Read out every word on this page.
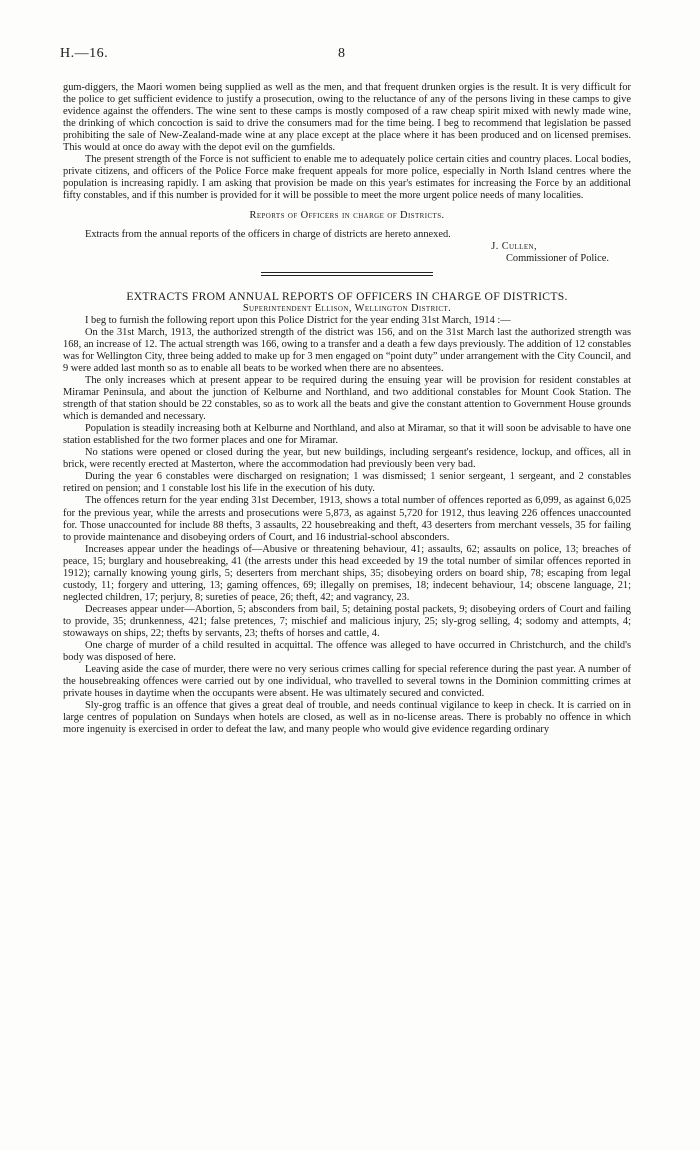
H.—16.	8

gum-diggers, the Maori women being supplied as well as the men, and that frequent drunken orgies is the result. It is very difficult for the police to get sufficient evidence to justify a prosecution, owing to the reluctance of any of the persons living in these camps to give evidence against the offenders. The wine sent to these camps is mostly composed of a raw cheap spirit mixed with newly made wine, the drinking of which concoction is said to drive the consumers mad for the time being. I beg to recommend that legislation be passed prohibiting the sale of New-Zealand-made wine at any place except at the place where it has been produced and on licensed premises. This would at once do away with the depot evil on the gumfields.

The present strength of the Force is not sufficient to enable me to adequately police certain cities and country places. Local bodies, private citizens, and officers of the Police Force make frequent appeals for more police, especially in North Island centres where the population is increasing rapidly. I am asking that provision be made on this year's estimates for increasing the Force by an additional fifty constables, and if this number is provided for it will be possible to meet the more urgent police needs of many localities.

Reports of Officers in charge of Districts.

Extracts from the annual reports of the officers in charge of districts are hereto annexed.

J. Cullen,

Commissioner of Police.

EXTRACTS FROM ANNUAL REPORTS OF OFFICERS IN CHARGE OF DISTRICTS.

Superintendent Ellison, Wellington District.

I beg to furnish the following report upon this Police District for the year ending 31st March, 1914 :—

On the 31st March, 1913, the authorized strength of the district was 156, and on the 31st March last the authorized strength was 168, an increase of 12. The actual strength was 166, owing to a transfer and a death a few days previously. The addition of 12 constables was for Wellington City, three being added to make up for 3 men engaged on “point duty” under arrangement with the City Council, and 9 were added last month so as to enable all beats to be worked when there are no absentees.

The only increases which at present appear to be required during the ensuing year will be provision for resident constables at Miramar Peninsula, and about the junction of Kelburne and Northland, and two additional constables for Mount Cook Station. The strength of that station should be 22 constables, so as to work all the beats and give the constant attention to Government House grounds which is demanded and necessary.

Population is steadily increasing both at Kelburne and Northland, and also at Miramar, so that it will soon be advisable to have one station established for the two former places and one for Miramar.

No stations were opened or closed during the year, but new buildings, including sergeant's residence, lockup, and offices, all in brick, were recently erected at Masterton, where the accommodation had previously been very bad.

During the year 6 constables were discharged on resignation; 1 was dismissed; 1 senior sergeant, 1 sergeant, and 2 constables retired on pension; and 1 constable lost his life in the execution of his duty.

The offences return for the year ending 31st December, 1913, shows a total number of offences reported as 6,099, as against 6,025 for the previous year, while the arrests and prosecutions were 5,873, as against 5,720 for 1912, thus leaving 226 offences unaccounted for. Those unaccounted for include 88 thefts, 3 assaults, 22 housebreaking and theft, 43 deserters from merchant vessels, 35 for failing to provide maintenance and disobeying orders of Court, and 16 industrial-school absconders.

Increases appear under the headings of—Abusive or threatening behaviour, 41; assaults, 62; assaults on police, 13; breaches of peace, 15; burglary and housebreaking, 41 (the arrests under this head exceeded by 19 the total number of similar offences reported in 1912); carnally knowing young girls, 5; deserters from merchant ships, 35; disobeying orders on board ship, 78; escaping from legal custody, 11; forgery and uttering, 13; gaming offences, 69; illegally on premises, 18; indecent behaviour, 14; obscene language, 21; neglected children, 17; perjury, 8; sureties of peace, 26; theft, 42; and vagrancy, 23.

Decreases appear under—Abortion, 5; absconders from bail, 5; detaining postal packets, 9; disobeying orders of Court and failing to provide, 35; drunkenness, 421; false pretences, 7; mischief and malicious injury, 25; sly-grog selling, 4; sodomy and attempts, 4; stowaways on ships, 22; thefts by servants, 23; thefts of horses and cattle, 4.

One charge of murder of a child resulted in acquittal. The offence was alleged to have occurred in Christchurch, and the child's body was disposed of here.

Leaving aside the case of murder, there were no very serious crimes calling for special reference during the past year. A number of the housebreaking offences were carried out by one individual, who travelled to several towns in the Dominion committing crimes at private houses in daytime when the occupants were absent. He was ultimately secured and convicted.

Sly-grog traffic is an offence that gives a great deal of trouble, and needs continual vigilance to keep in check. It is carried on in large centres of population on Sundays when hotels are closed, as well as in no-license areas. There is probably no offence in which more ingenuity is exercised in order to defeat the law, and many people who would give evidence regarding ordinary
